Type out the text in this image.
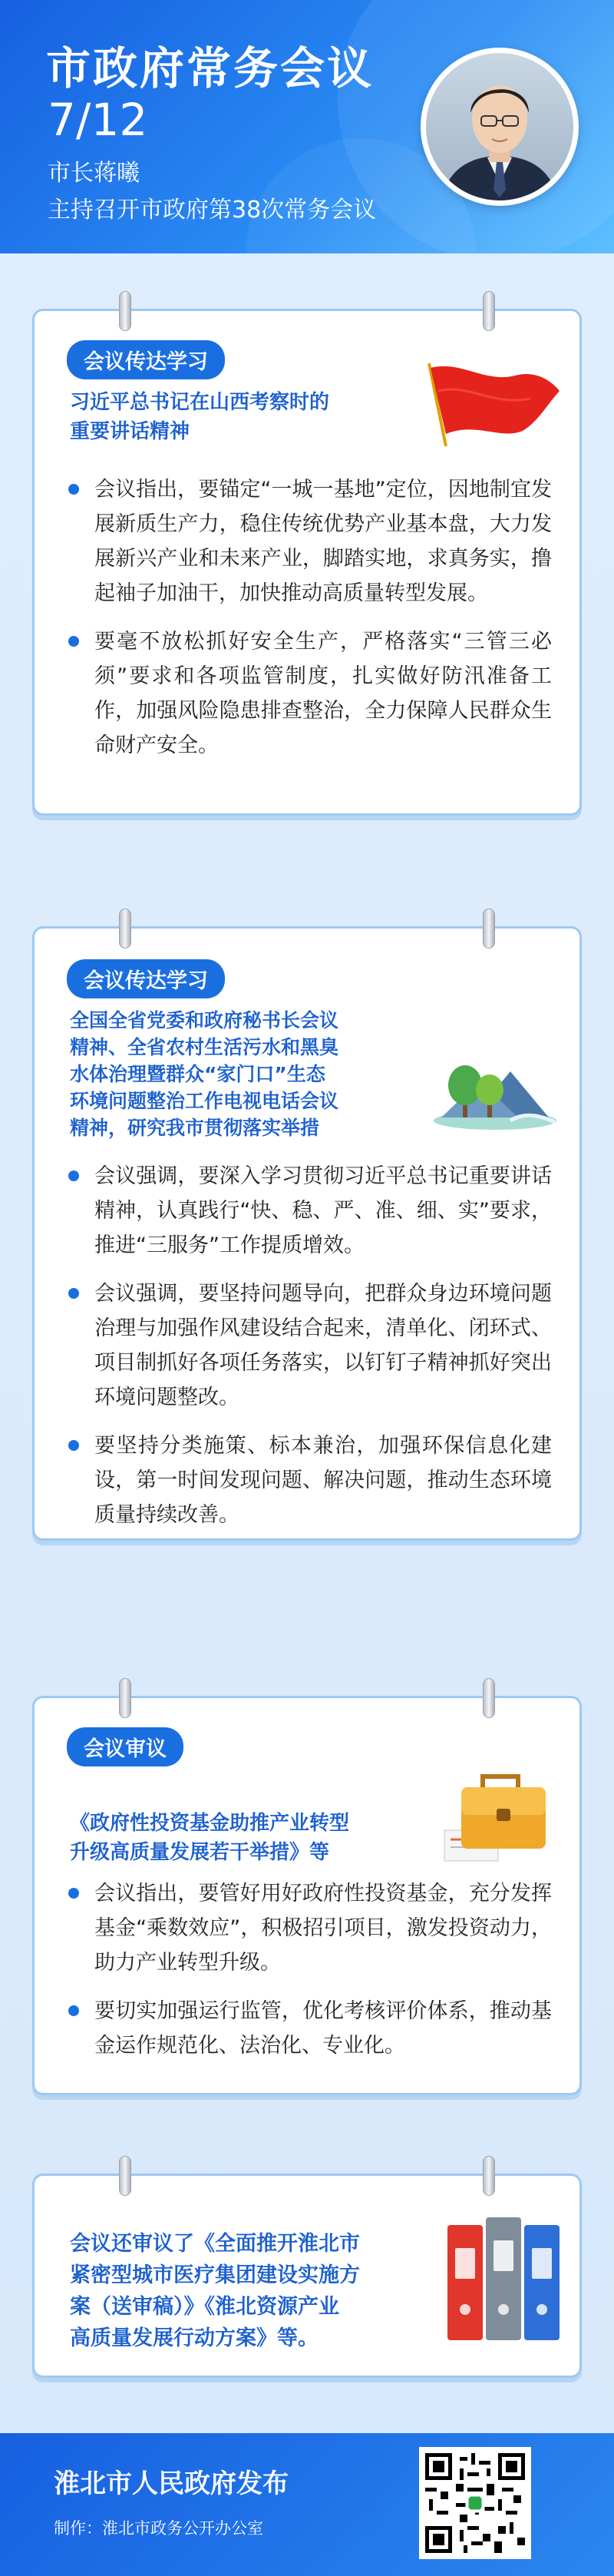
市政府常务会议
7/12
市长蒋曦
主持召开市政府第38次常务会议
会议传达学习
习近平总书记在山西考察时的
重要讲话精神
会议指出，要锚定“一城一基地”定位，因地制宜发展新质生产力，稳住传统优势产业基本盘，大力发展新兴产业和未来产业，脚踏实地，求真务实，撸起袖子加油干，加快推动高质量转型发展。
要毫不放松抓好安全生产，严格落实“三管三必须”要求和各项监管制度，扎实做好防汛准备工作，加强风险隐患排查整治，全力保障人民群众生命财产安全。
会议传达学习
全国全省党委和政府秘书长会议
精神、全省农村生活污水和黑臭
水体治理暨群众“家门口”生态
环境问题整治工作电视电话会议
精神，研究我市贯彻落实举措
会议强调，要深入学习贯彻习近平总书记重要讲话精神，认真践行“快、稳、严、准、细、实”要求，推进“三服务”工作提质增效。
会议强调，要坚持问题导向，把群众身边环境问题治理与加强作风建设结合起来，清单化、闭环式、项目制抓好各项任务落实，以钉钉子精神抓好突出环境问题整改。
要坚持分类施策、标本兼治，加强环保信息化建设，第一时间发现问题、解决问题，推动生态环境质量持续改善。
会议审议
《政府性投资基金助推产业转型
升级高质量发展若干举措》等
会议指出，要管好用好政府性投资基金，充分发挥基金“乘数效应”，积极招引项目，激发投资动力，助力产业转型升级。
要切实加强运行监管，优化考核评价体系，推动基金运作规范化、法治化、专业化。
会议还审议了《全面推开淮北市
紧密型城市医疗集团建设实施方
案（送审稿）》《淮北资源产业
高质量发展行动方案》等。
淮北市人民政府发布
制作：淮北市政务公开办公室
